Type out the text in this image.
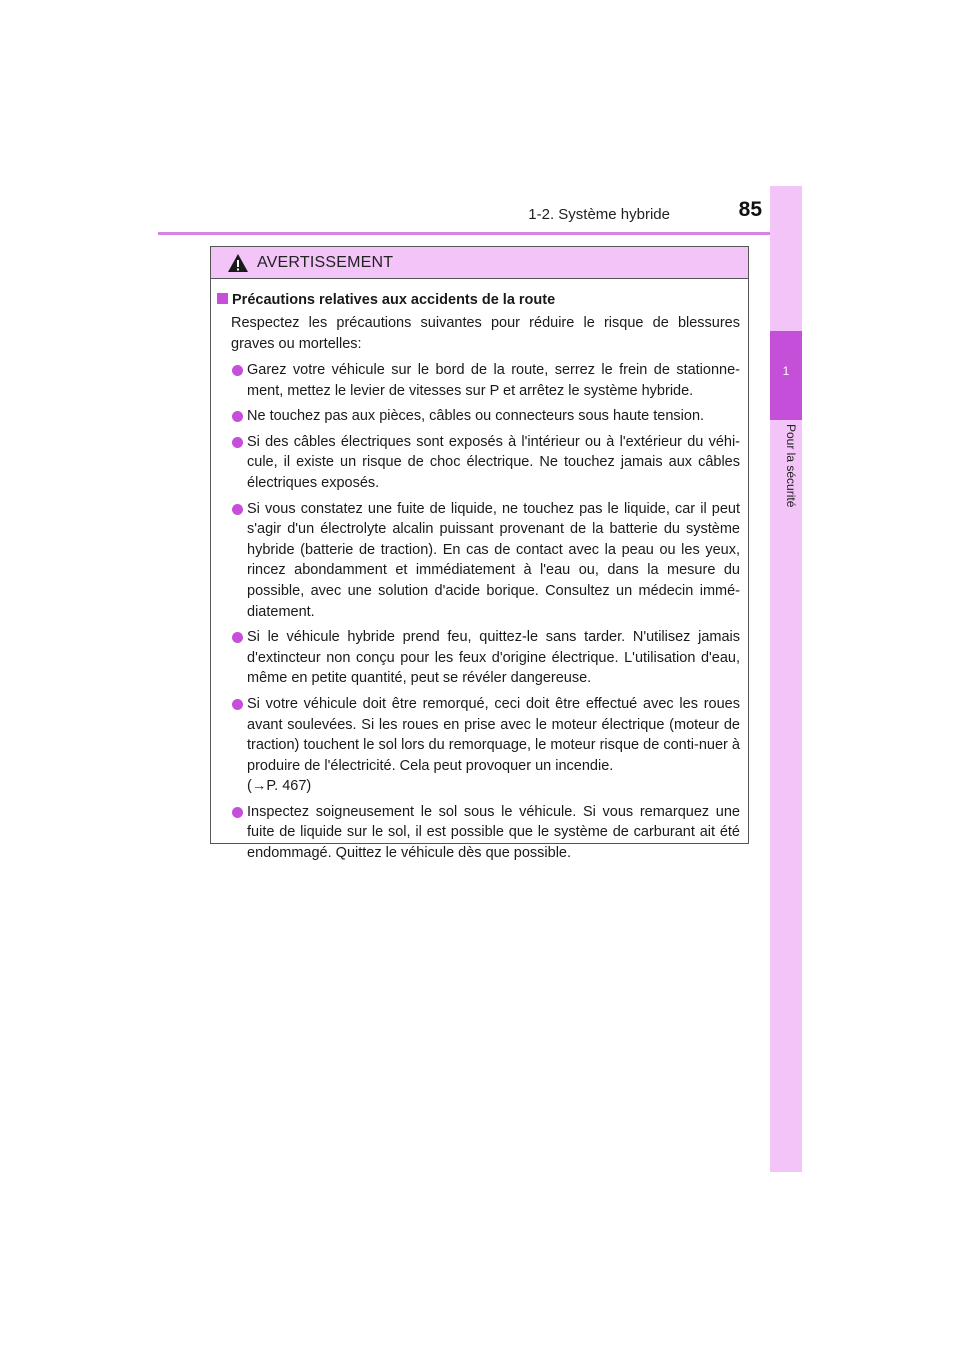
1-2. Système hybride	85
1
Pour la sécurité
AVERTISSEMENT
Précautions relatives aux accidents de la route
Respectez les précautions suivantes pour réduire le risque de blessures graves ou mortelles:
Garez votre véhicule sur le bord de la route, serrez le frein de stationne-ment, mettez le levier de vitesses sur P et arrêtez le système hybride.
Ne touchez pas aux pièces, câbles ou connecteurs sous haute tension.
Si des câbles électriques sont exposés à l'intérieur ou à l'extérieur du véhi-cule, il existe un risque de choc électrique. Ne touchez jamais aux câbles électriques exposés.
Si vous constatez une fuite de liquide, ne touchez pas le liquide, car il peut s'agir d'un électrolyte alcalin puissant provenant de la batterie du système hybride (batterie de traction). En cas de contact avec la peau ou les yeux, rincez abondamment et immédiatement à l'eau ou, dans la mesure du possible, avec une solution d'acide borique. Consultez un médecin immé-diatement.
Si le véhicule hybride prend feu, quittez-le sans tarder. N'utilisez jamais d'extincteur non conçu pour les feux d'origine électrique. L'utilisation d'eau, même en petite quantité, peut se révéler dangereuse.
Si votre véhicule doit être remorqué, ceci doit être effectué avec les roues avant soulevées. Si les roues en prise avec le moteur électrique (moteur de traction) touchent le sol lors du remorquage, le moteur risque de conti-nuer à produire de l'électricité. Cela peut provoquer un incendie.
(→P. 467)
Inspectez soigneusement le sol sous le véhicule. Si vous remarquez une fuite de liquide sur le sol, il est possible que le système de carburant ait été endommagé. Quittez le véhicule dès que possible.
